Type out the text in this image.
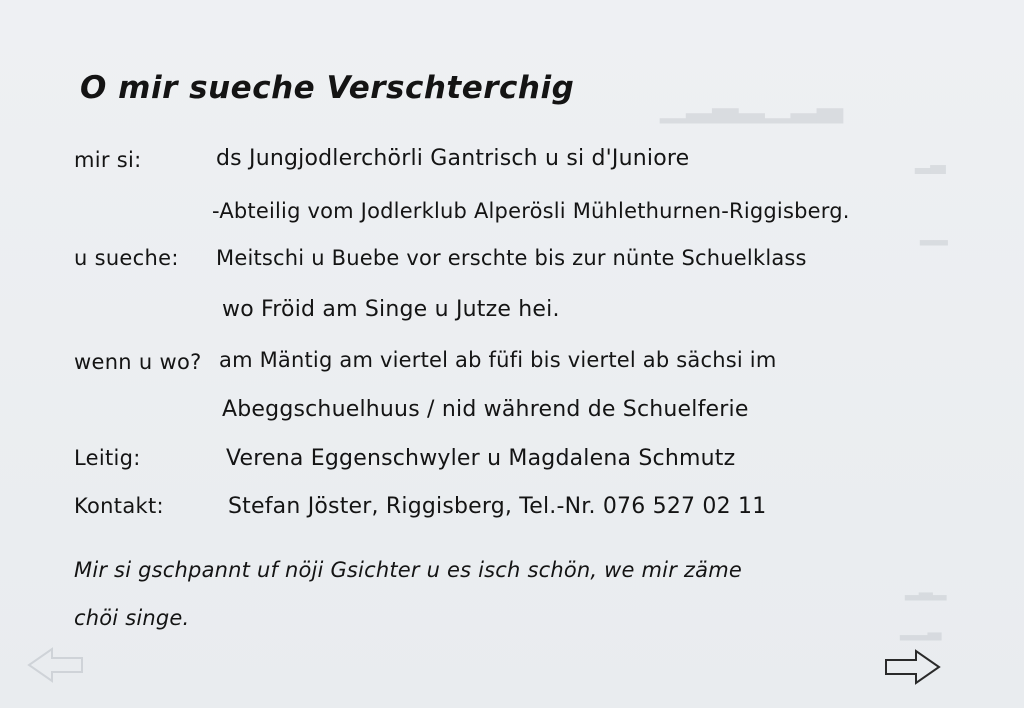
▁▂▃▂▁▂▃
▂▃
▂▂
▂▃▂
▂▂▃
O mir sueche Verschterchig
mir si:	ds Jungjodlerchörli Gantrisch u si d'Juniore
-Abteilig vom Jodlerklub Alperösli Mühlethurnen-Riggisberg.
u sueche: Meitschi u Buebe vor erschte bis zur nünte Schuelklass
wo Fröid am Singe u Jutze hei.
wenn u wo? am Mäntig am viertel ab füfi bis viertel ab sächsi im
Abeggschuelhuus / nid während de Schuelferie
Leitig:	Verena Eggenschwyler u Magdalena Schmutz
Kontakt:	Stefan Jöster, Riggisberg, Tel.-Nr. 076 527 02 11
Mir si gschpannt uf nöji Gsichter u es isch schön, we mir zäme
chöi singe.
